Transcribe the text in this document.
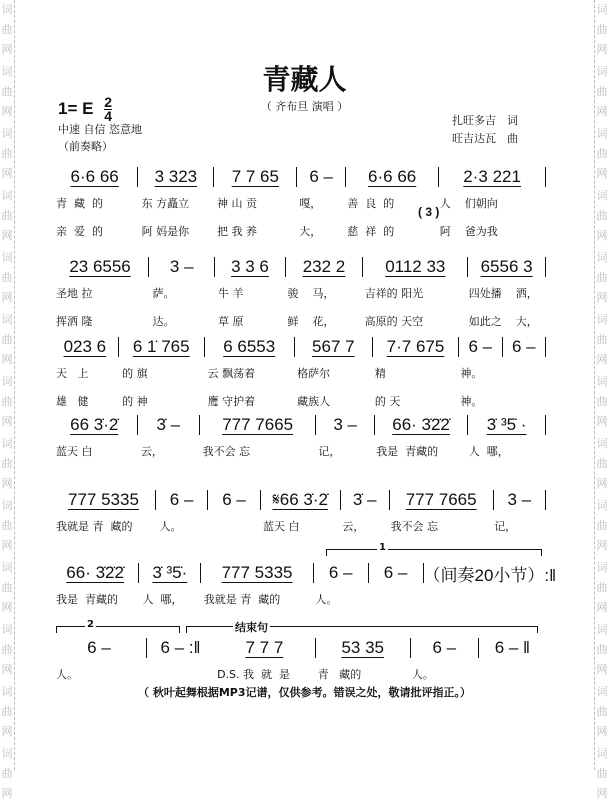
词
曲
网
词
曲
网
词
曲
网
词
曲
网
词
曲
网
词
曲
网
词
曲
网
词
曲
网
词
曲
网
词
曲
网
词
曲
网
词
曲
网
词
曲
网
词
曲
网
词
曲
网
词
曲
网
词
曲
网
词
曲
网
词
曲
网
词
曲
网
词
曲
网
词
曲
网
词
曲
网
词
曲
网
词
曲
网
词
曲
网
青藏人
（ 齐布旦 演唱 ）
1= E $\frac{2}{4}$
中速 自信 恣意地
（前奏略）
扎旺多吉　词
旺吉达瓦　曲
( 3 )
6·6 66 3 323 7 7 65 6 – 6·6 66	2·3 221
青  藏  的	东 方矗立	神 山 贡	嘎，	善  良  的	人    们朝向
亲  爱  的	阿 妈是你	把 我 养	大，	慈  祥  的	阿    爸为我
23 6556 3 – 3 3 6 232 2 0112 33 6556 3
圣地 拉	萨。	牛 羊	骏    马，	吉祥的 阳光	四处播    洒，
挥洒 隆	达。	草 原	鲜    花，	高原的 天空	如此之    大，
023 6 6 1̇ 765 6 6553 567 7 7·7 675 6 – 6 –
天   上	的 旗	云 飘荡着	格萨尔	精	神。
雄   健	的 神	鹰 守护着	藏族人	的 天	神。
66 3̇·2̇ 3̇ – 777 7665 3 – 66· 3̇2̇2̇ 3̇ ³5̇ ·
蓝天 白	云，	我不会 忘	记，	我是  青藏的	人  哪，
777 5335 6 – 6 – 𝄋66 3̇·2̇ 3̇ – 777 7665 3 –
我就是 青  藏的	人。	蓝天 白	云，	我不会 忘	记，
66· 3̇2̇2̇ 3̇ ³5̇· 777 5335 6 – 6 – （间奏20小节）:‖
我是  青藏的	人  哪，	我就是 青  藏的	人。
6 –	6 – :‖	7 7 7	53 35	6 – 6 – ‖
人。	D.S. 我  就  是	青   藏的	人。
1
2	结束句
（ 秋叶起舞根据MP3记谱，仅供参考。错误之处，敬请批评指正。）
